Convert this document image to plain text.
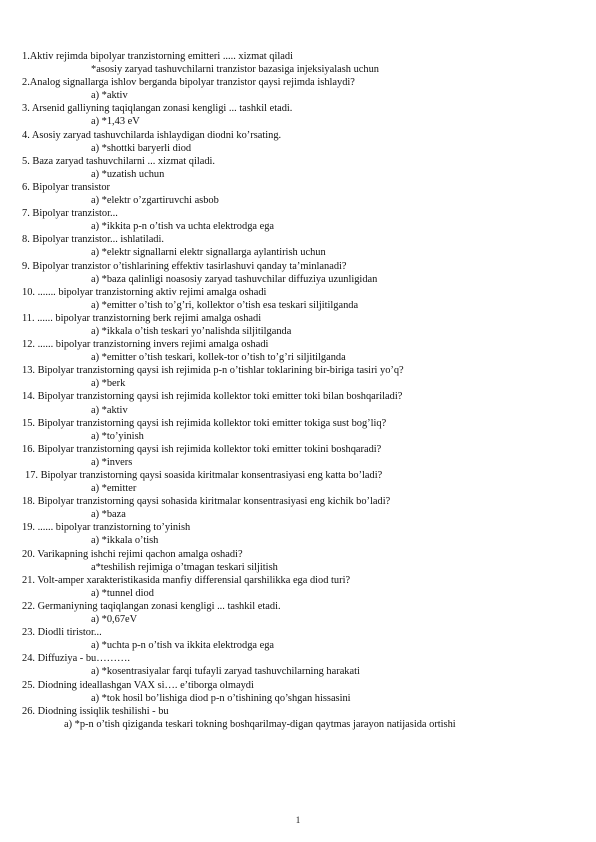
1.Aktiv rejimda bipolyar tranzistorning emitteri ..... xizmat qiladi
*asosiy zaryad tashuvchilarni tranzistor bazasiga injeksiyalash uchun
2.Analog signallarga ishlov berganda bipolyar tranzistor qaysi rejimda ishlaydi?
a) *aktiv
3. Arsenid galliyning taqiqlangan zonasi kengligi ... tashkil etadi.
a) *1,43 eV
4. Asosiy zaryad tashuvchilarda ishlaydigan diodni ko’rsating.
a) *shottki baryerli diod
5. Baza zaryad tashuvchilarni ... xizmat qiladi.
a) *uzatish uchun
6. Bipolyar transistor
a) *elektr o’zgartiruvchi asbob
7. Bipolyar tranzistor...
a) *ikkita p-n o’tish va uchta elektrodga ega
8. Bipolyar tranzistor... ishlatiladi.
a) *elektr signallarni elektr signallarga aylantirish uchun
9. Bipolyar tranzistor o’tishlarining effektiv tasirlashuvi qanday ta’minlanadi?
a) *baza qalinligi noasosiy zaryad tashuvchilar diffuziya uzunligidan
10. ....... bipolyar tranzistorning aktiv rejimi amalga oshadi
a) *emitter o’tish to’g’ri, kollektor o’tish esa teskari siljitilganda
11. ...... bipolyar tranzistorning berk rejimi amalga oshadi
a) *ikkala o’tish teskari yo’nalishda siljitilganda
12. ...... bipolyar tranzistorning invers rejimi amalga oshadi
a) *emitter o’tish teskari, kollek-tor o’tish to’g’ri siljitilganda
13. Bipolyar tranzistorning qaysi ish rejimida p-n o’tishlar toklarining bir-biriga tasiri yo’q?
a) *berk
14. Bipolyar tranzistorning qaysi ish rejimida kollektor toki emitter toki bilan boshqariladi?
a) *aktiv
15. Bipolyar tranzistorning qaysi ish rejimida kollektor toki emitter tokiga sust bog’liq?
a) *to’yinish
16. Bipolyar tranzistorning qaysi ish rejimida kollektor toki emitter tokini boshqaradi?
a) *invers
17. Bipolyar tranzistorning qaysi soasida kiritmalar konsentrasiyasi eng katta bo’ladi?
a) *emitter
18. Bipolyar tranzistorning qaysi sohasida kiritmalar konsentrasiyasi eng kichik bo’ladi?
a) *baza
19. ...... bipolyar tranzistorning to’yinish
a) *ikkala o’tish
20. Varikapning ishchi rejimi qachon amalga oshadi?
a*teshilish rejimiga o’tmagan teskari siljitish
21. Volt-amper xarakteristikasida manfiy differensial qarshilikka ega diod turi?
a) *tunnel diod
22. Germaniyning taqiqlangan zonasi kengligi ... tashkil etadi.
a) *0,67eV
23. Diodli tiristor...
a) *uchta p-n o’tish va ikkita elektrodga ega
24. Diffuziya - bu……….
a) *kosentrasiyalar farqi tufayli zaryad tashuvchilarning harakati
25. Diodning ideallashgan VAX si…. e’tiborga olmaydi
a) *tok hosil bo’lishiga diod p-n o’tishining qo’shgan hissasini
26. Diodning issiqlik teshilishi - bu
a) *p-n o’tish qiziganda teskari tokning boshqarilmay-digan qaytmas jarayon natijasida ortishi
1
